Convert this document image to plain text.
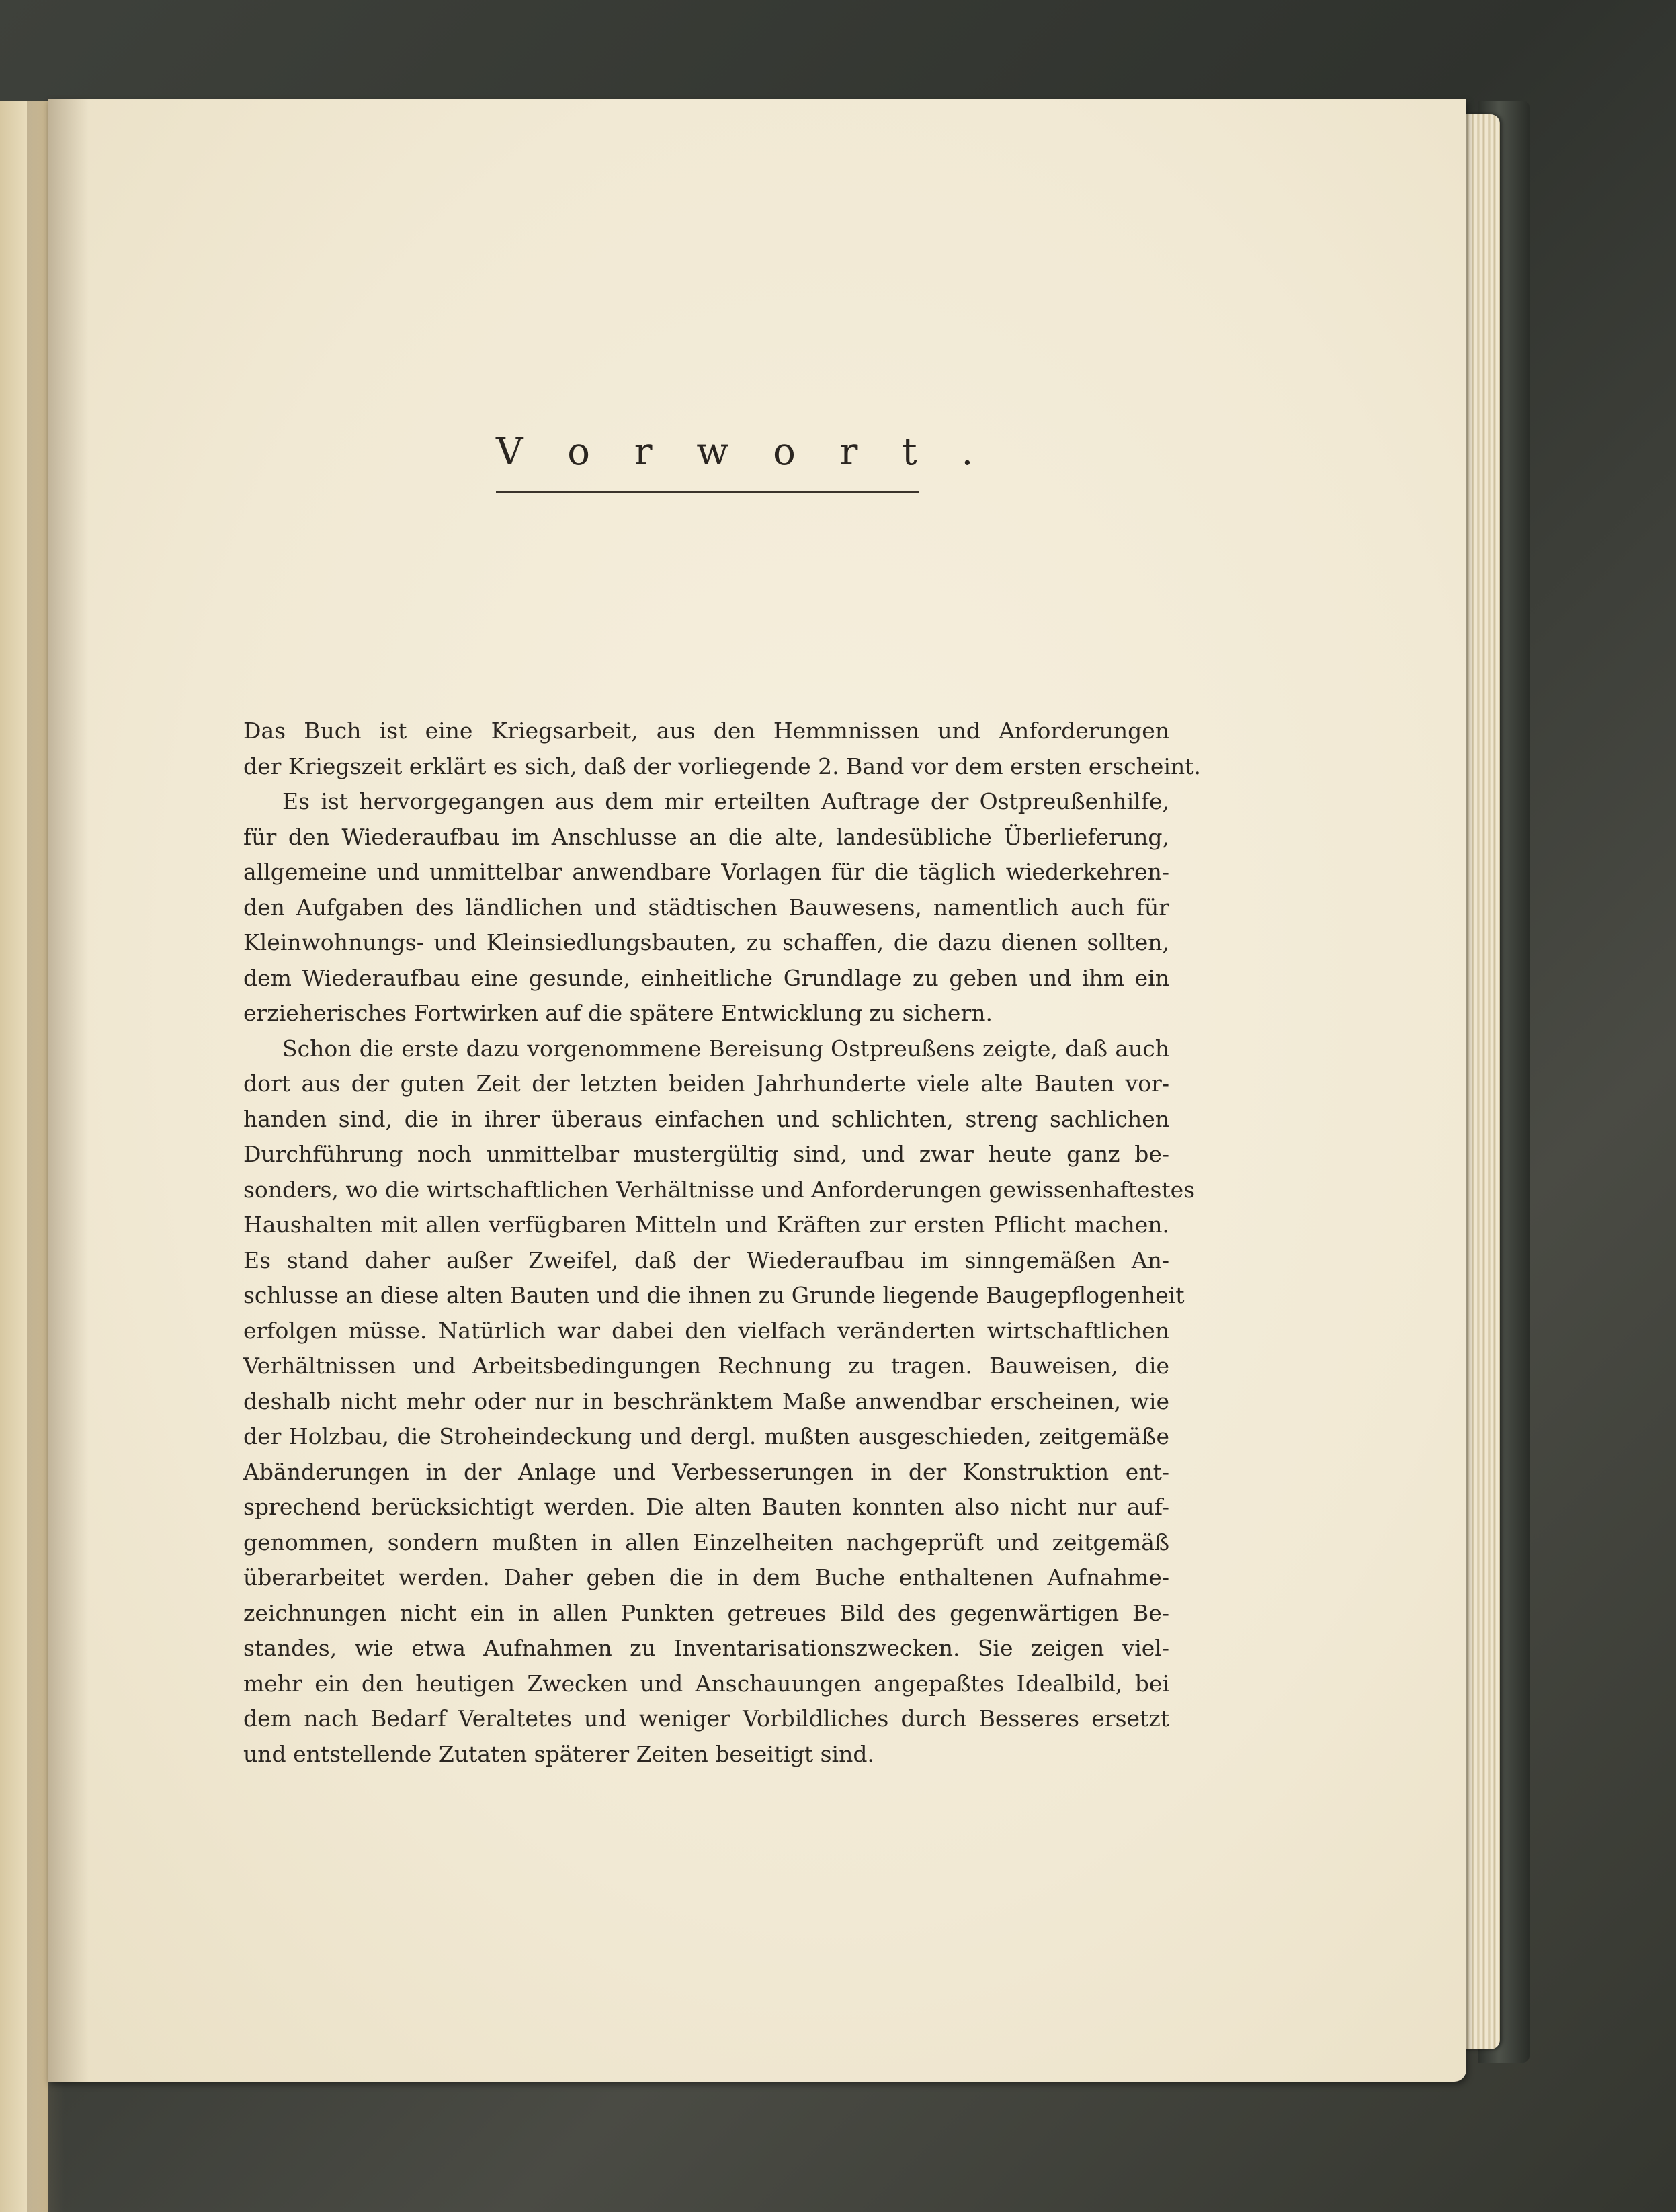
V o r w o r t .
Das Buch ist eine Kriegsarbeit, aus den Hemmnissen und Anforderungen
der Kriegszeit erklärt es sich, daß der vorliegende 2. Band vor dem ersten erscheint.
Es ist hervorgegangen aus dem mir erteilten Auftrage der Ostpreußenhilfe,
für den Wiederaufbau im Anschlusse an die alte, landesübliche Überlieferung,
allgemeine und unmittelbar anwendbare Vorlagen für die täglich wiederkehren-
den Aufgaben des ländlichen und städtischen Bauwesens, namentlich auch für
Kleinwohnungs- und Kleinsiedlungsbauten, zu schaffen, die dazu dienen sollten,
dem Wiederaufbau eine gesunde, einheitliche Grundlage zu geben und ihm ein
erzieherisches Fortwirken auf die spätere Entwicklung zu sichern.
Schon die erste dazu vorgenommene Bereisung Ostpreußens zeigte, daß auch
dort aus der guten Zeit der letzten beiden Jahrhunderte viele alte Bauten vor-
handen sind, die in ihrer überaus einfachen und schlichten, streng sachlichen
Durchführung noch unmittelbar mustergültig sind, und zwar heute ganz be-
sonders, wo die wirtschaftlichen Verhältnisse und Anforderungen gewissenhaftestes
Haushalten mit allen verfügbaren Mitteln und Kräften zur ersten Pflicht machen.
Es stand daher außer Zweifel, daß der Wiederaufbau im sinngemäßen An-
schlusse an diese alten Bauten und die ihnen zu Grunde liegende Baugepflogenheit
erfolgen müsse. Natürlich war dabei den vielfach veränderten wirtschaftlichen
Verhältnissen und Arbeitsbedingungen Rechnung zu tragen. Bauweisen, die
deshalb nicht mehr oder nur in beschränktem Maße anwendbar erscheinen, wie
der Holzbau, die Stroheindeckung und dergl. mußten ausgeschieden, zeitgemäße
Abänderungen in der Anlage und Verbesserungen in der Konstruktion ent-
sprechend berücksichtigt werden. Die alten Bauten konnten also nicht nur auf-
genommen, sondern mußten in allen Einzelheiten nachgeprüft und zeitgemäß
überarbeitet werden. Daher geben die in dem Buche enthaltenen Aufnahme-
zeichnungen nicht ein in allen Punkten getreues Bild des gegenwärtigen Be-
standes, wie etwa Aufnahmen zu Inventarisationszwecken. Sie zeigen viel-
mehr ein den heutigen Zwecken und Anschauungen angepaßtes Idealbild, bei
dem nach Bedarf Veraltetes und weniger Vorbildliches durch Besseres ersetzt
und entstellende Zutaten späterer Zeiten beseitigt sind.
